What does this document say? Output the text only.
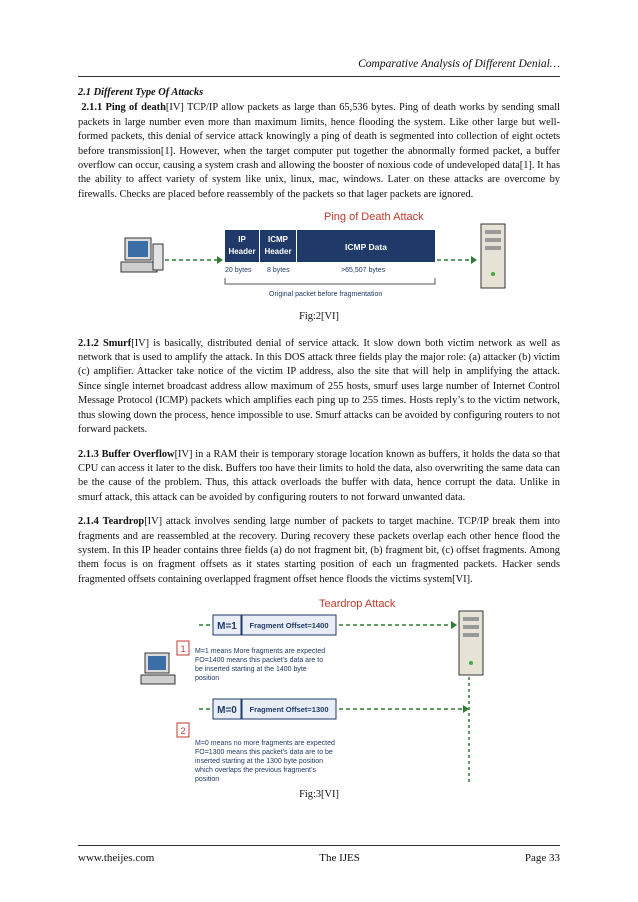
Comparative Analysis of Different Denial…
2.1 Different Type Of Attacks

2.1.1 Ping of death[IV] TCP/IP allow packets as large than 65,536 bytes. Ping of death works by sending small packets in large number even more than maximum limits, hence flooding the system. Like other large but well-formed packets, this denial of service attack knowingly a ping of death is segmented into collection of eight octets before transmission[1]. However, when the target computer put together the abnormally formed packet, a buffer overflow can occur, causing a system crash and allowing the booster of noxious code of undeveloped data[1]. It has the ability to affect variety of system like unix, linux, mac, windows. Later on these attacks are overcome by firewalls. Checks are placed before reassembly of the packets so that lager packets are ignored.

Ping of Death Attack
IP
Header
ICMP
Header	ICMP Data
20 bytes 8 bytes	>65,507 bytes
Original packet before fragmentation
Fig:2[VI]

2.1.2 Smurf[IV] is basically, distributed denial of service attack. It slow down both victim network as well as network that is used to amplify the attack. In this DOS attack three fields play the major role: (a) attacker (b) victim (c) amplifier. Attacker take notice of the victim IP address, also the site that will help in amplifying the attack. Since single internet broadcast address allow maximum of 255 hosts, smurf uses large number of Internet Control Message Protocol (ICMP) packets which amplifies each ping up to 255 times. Hosts reply’s to the victim network, thus slowing down the process, hence impossible to use. Smurf attacks can be avoided by configuring routers to not forward packets.

2.1.3 Buffer Overflow[IV] in a RAM their is temporary storage location known as buffers, it holds the data so that CPU can access it later to the disk. Buffers too have their limits to hold the data, also overwriting the same data can be the cause of the problem. Thus, this attack overloads the buffer with data, hence corrupt the data. Unlike in smurf attack, this attack can be avoided by configuring routers to not forward unwanted data.

2.1.4 Teardrop[IV] attack involves sending large number of packets to target machine. TCP/IP break them into fragments and are reassembled at the recovery. During recovery these packets overlap each other hence flood the system. In this IP header contains three fields (a) do not fragment bit, (b) fragment bit, (c) offset fragments. Among them focus is on fragment offsets as it states starting position of each un fragmented packets. Hacker sends fragmented offsets containing overlapped fragment offset hence floods the victims system[VI].

Teardrop Attack
M=1 Fragment Offset=1400
1 M=1 means More fragments are expected
FO=1400 means this packet’s data are to
be inserted starting at the 1400 byte
position
M=0 Fragment Offset=1300
2
M=0 means no more fragments are expected
FO=1300 means this packet’s data are to be
inserted starting at the 1300 byte position
which overlaps the previous fragment’s
position
Fig:3[VI]
www.theijes.com	The IJES	Page 33
